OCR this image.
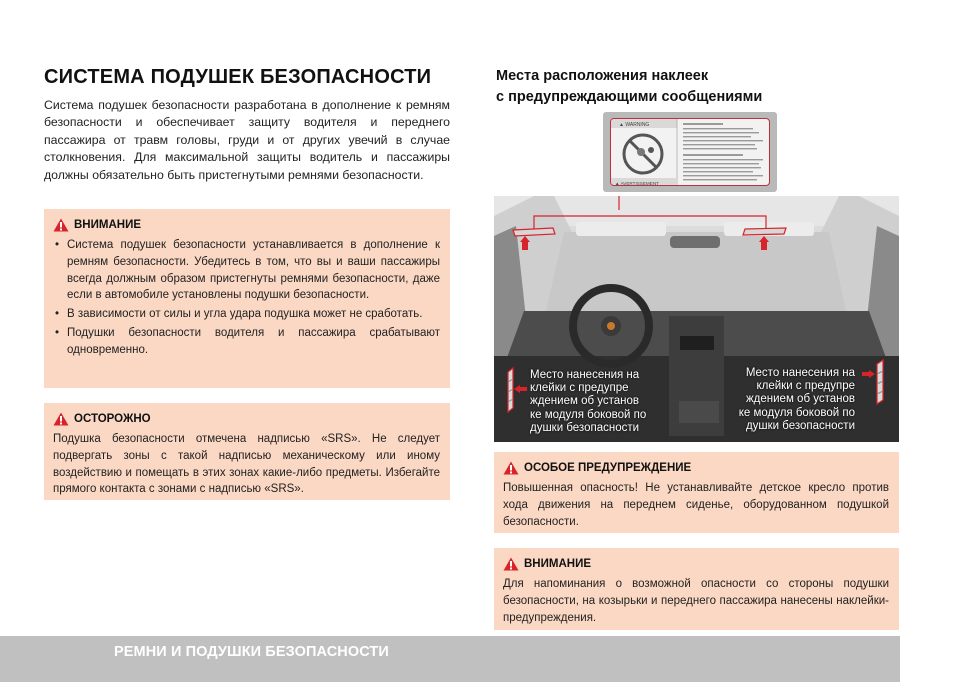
СИСТЕМА ПОДУШЕК БЕЗОПАСНОСТИ

Система подушек безопасности разработана в дополнение к ремням безопасности и обеспечивает защиту водителя и переднего пассажира от травм головы, груди и от других увечий в случае столкновения. Для максимальной защиты водитель и пассажиры должны обязательно быть пристегнутыми ремнями безопасности.

ВНИМАНИЕ
• Система подушек безопасности устанавливается в дополнение к ремням безопасности. Убедитесь в том, что вы и ваши пассажиры всегда должным образом пристегнуты ремнями безопасности, даже если в автомобиле установлены подушки безопасности.
• В зависимости от силы и угла удара подушка может не сработать.
• Подушки безопасности водителя и пассажира срабатывают одновременно.
ОСТОРОЖНО

Подушка безопасности отмечена надписью «SRS». Не следует подвергать зоны с такой надписью механическому или иному воздействию и помещать в этих зонах какие-либо предметы. Избегайте прямого контакта с зонами с надписью «SRS».

Места расположения наклеек
с предупреждающими сообщениями
▲ WARNING
▲ AVERTISSEMENT
Место нанесения на
клейки с предупре
ждением об установ
ке модуля боковой по
душки безопасности
Место нанесения на
клейки с предупре
ждением об установ
ке модуля боковой по
душки безопасности
ОСОБОЕ ПРЕДУПРЕЖДЕНИЕ

Повышенная опасность! Не устанавливайте детское кресло против хода движения на переднем сиденье, оборудованном подушкой безопасности.

ВНИМАНИЕ

Для напоминания о возможной опасности со стороны подушки безопасности, на козырьки и переднего пассажира нанесены наклейки-предупреждения.

РЕМНИ И ПОДУШКИ БЕЗОПАСНОСТИ
